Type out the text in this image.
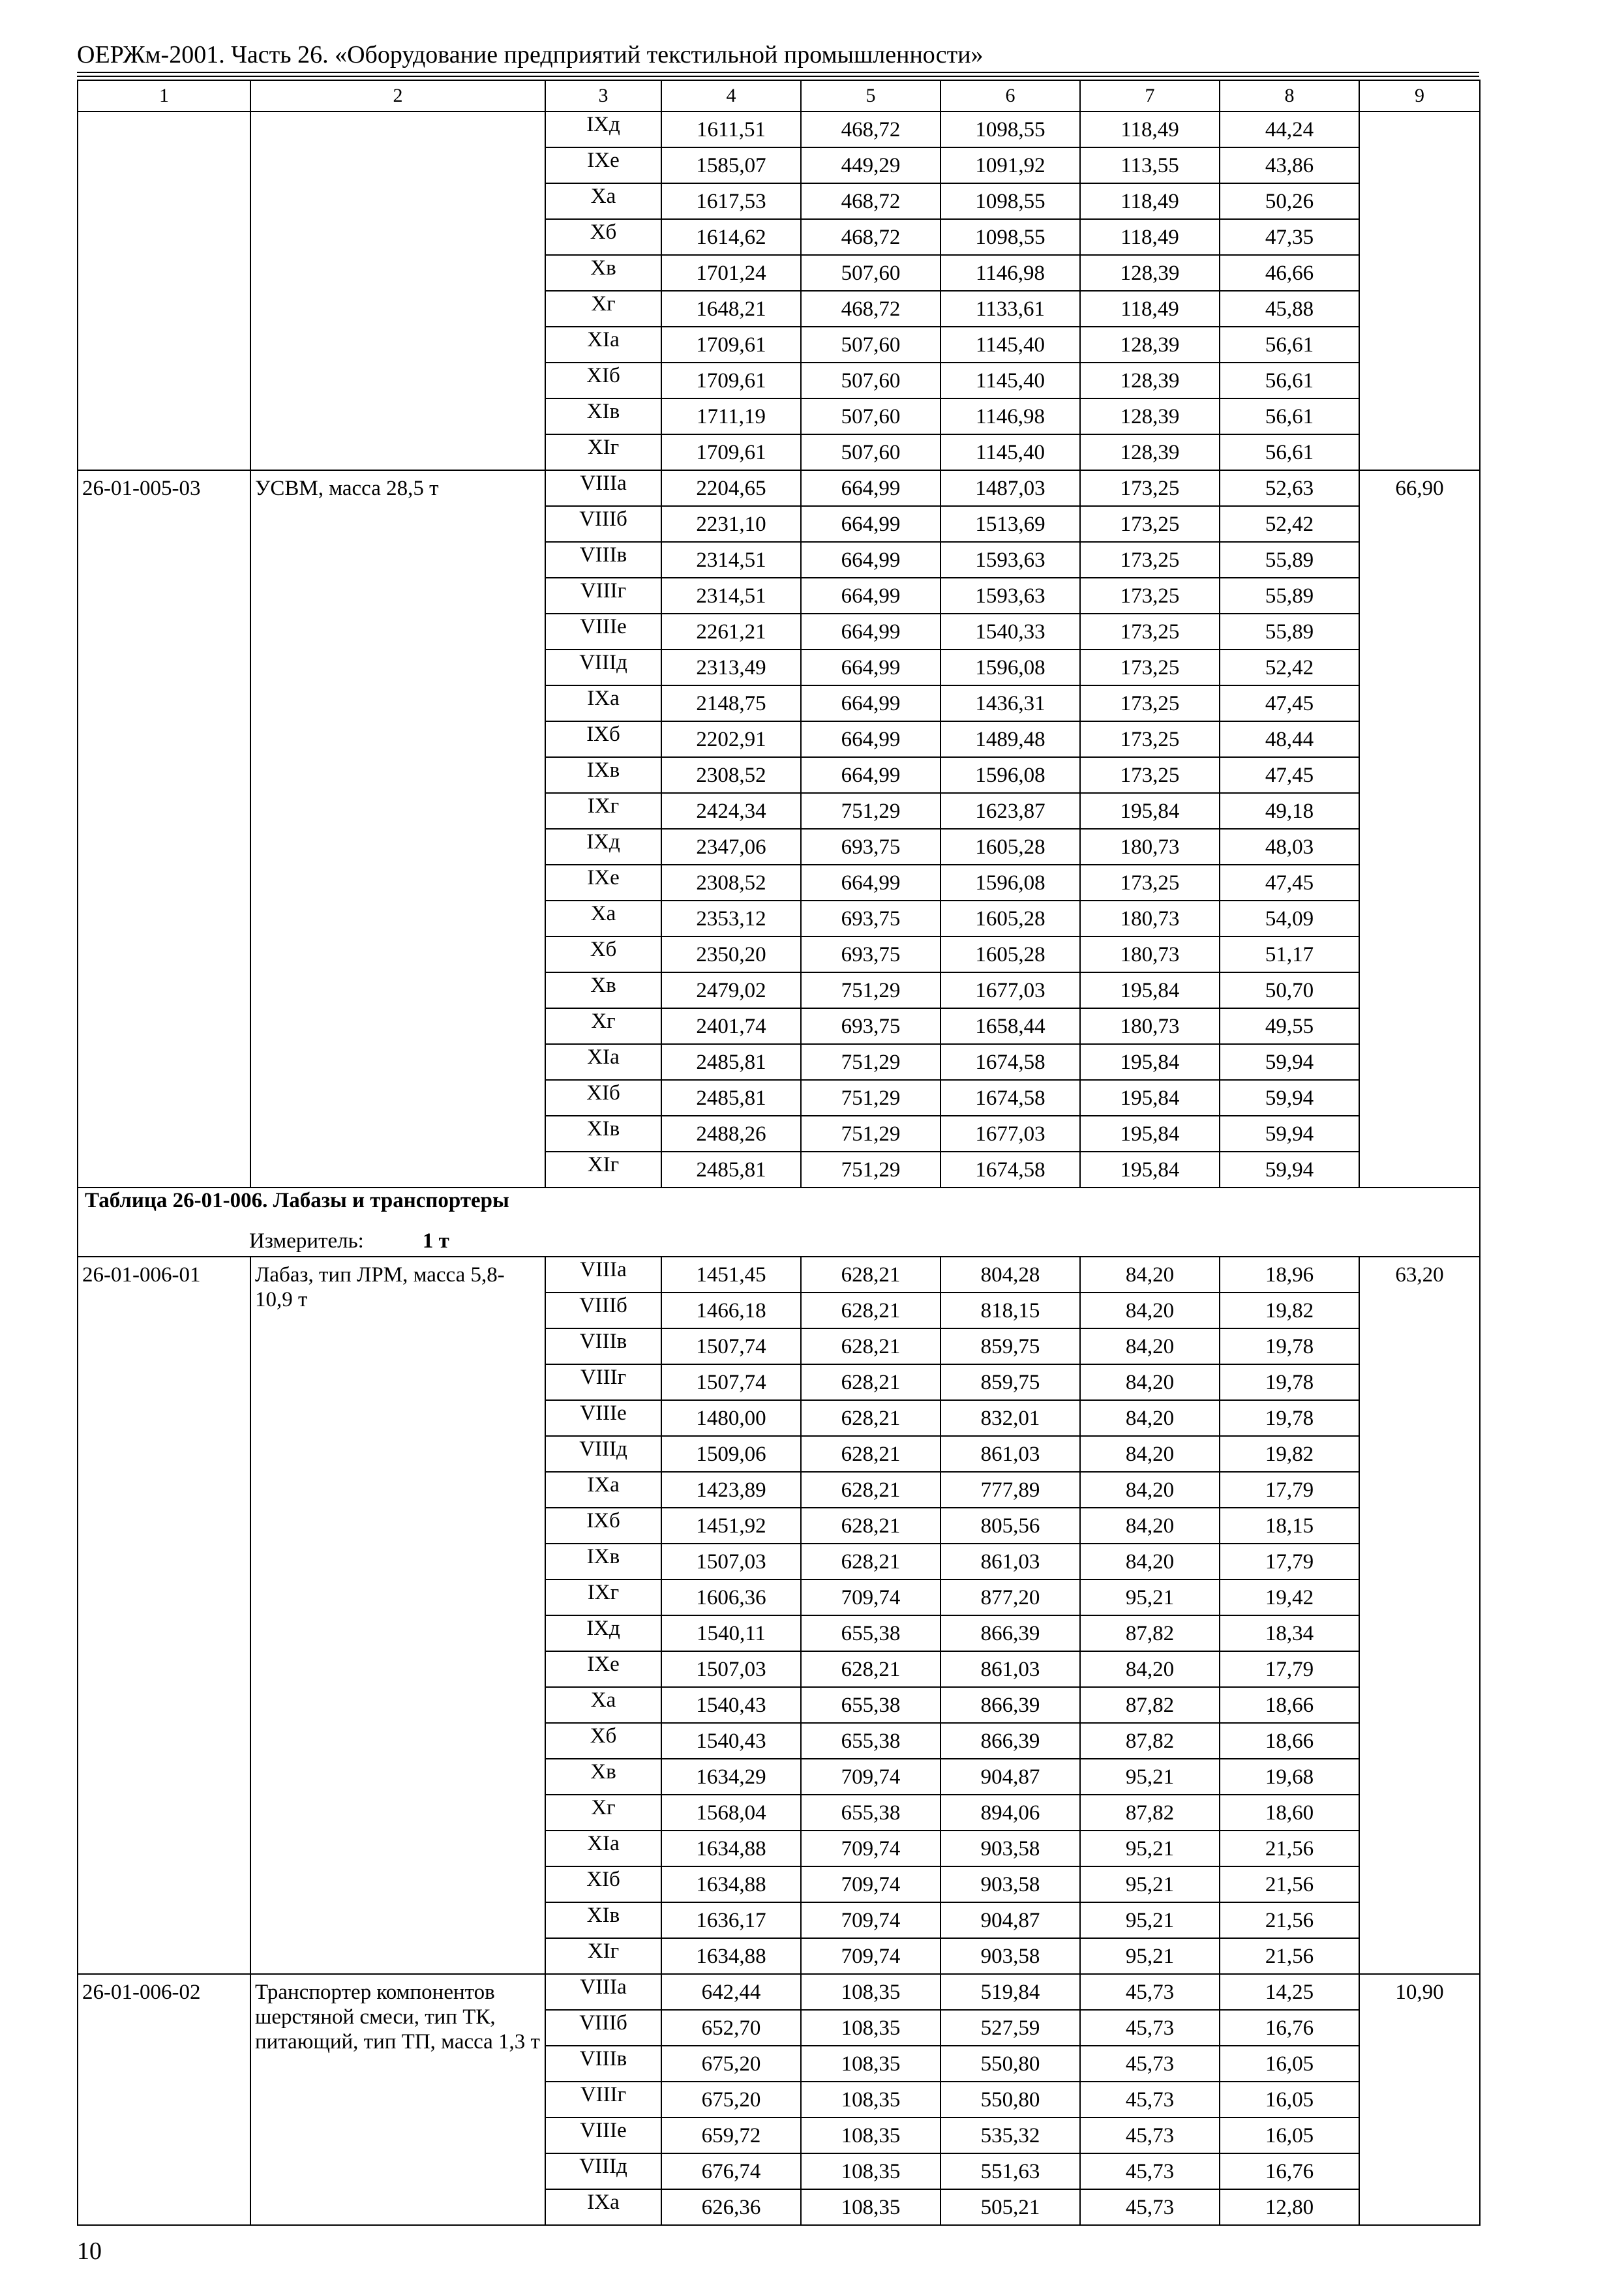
ОЕРЖм-2001. Часть 26. «Оборудование предприятий текстильной промышленности»
1	2	3	4	5	6	7	8	9
		IXд	1611,51	468,72	1098,55	118,49	44,24	
		IXе	1585,07	449,29	1091,92	113,55	43,86	
		Xа	1617,53	468,72	1098,55	118,49	50,26	
		Xб	1614,62	468,72	1098,55	118,49	47,35	
		Xв	1701,24	507,60	1146,98	128,39	46,66	
		Xг	1648,21	468,72	1133,61	118,49	45,88	
		XIа	1709,61	507,60	1145,40	128,39	56,61	
		XIб	1709,61	507,60	1145,40	128,39	56,61	
		XIв	1711,19	507,60	1146,98	128,39	56,61	
		XIг	1709,61	507,60	1145,40	128,39	56,61	
26-01-005-03	УСВМ, масса 28,5 т	VIIIа	2204,65	664,99	1487,03	173,25	52,63	66,90
		VIIIб	2231,10	664,99	1513,69	173,25	52,42	
		VIIIв	2314,51	664,99	1593,63	173,25	55,89	
		VIIIг	2314,51	664,99	1593,63	173,25	55,89	
		VIIIе	2261,21	664,99	1540,33	173,25	55,89	
		VIIIд	2313,49	664,99	1596,08	173,25	52,42	
		IXа	2148,75	664,99	1436,31	173,25	47,45	
		IXб	2202,91	664,99	1489,48	173,25	48,44	
		IXв	2308,52	664,99	1596,08	173,25	47,45	
		IXг	2424,34	751,29	1623,87	195,84	49,18	
		IXд	2347,06	693,75	1605,28	180,73	48,03	
		IXе	2308,52	664,99	1596,08	173,25	47,45	
		Xа	2353,12	693,75	1605,28	180,73	54,09	
		Xб	2350,20	693,75	1605,28	180,73	51,17	
		Xв	2479,02	751,29	1677,03	195,84	50,70	
		Xг	2401,74	693,75	1658,44	180,73	49,55	
		XIа	2485,81	751,29	1674,58	195,84	59,94	
		XIб	2485,81	751,29	1674,58	195,84	59,94	
		XIв	2488,26	751,29	1677,03	195,84	59,94	
		XIг	2485,81	751,29	1674,58	195,84	59,94	
Таблица 26-01-006. Лабазы и транспортеры								
Измеритель: 1 т								
26-01-006-01	Лабаз, тип ЛРМ, масса 5,8-10,9 т	VIIIа	1451,45	628,21	804,28	84,20	18,96	63,20
		VIIIб	1466,18	628,21	818,15	84,20	19,82	
		VIIIв	1507,74	628,21	859,75	84,20	19,78	
		VIIIг	1507,74	628,21	859,75	84,20	19,78	
		VIIIе	1480,00	628,21	832,01	84,20	19,78	
		VIIIд	1509,06	628,21	861,03	84,20	19,82	
		IXа	1423,89	628,21	777,89	84,20	17,79	
		IXб	1451,92	628,21	805,56	84,20	18,15	
		IXв	1507,03	628,21	861,03	84,20	17,79	
		IXг	1606,36	709,74	877,20	95,21	19,42	
		IXд	1540,11	655,38	866,39	87,82	18,34	
		IXе	1507,03	628,21	861,03	84,20	17,79	
		Xа	1540,43	655,38	866,39	87,82	18,66	
		Xб	1540,43	655,38	866,39	87,82	18,66	
		Xв	1634,29	709,74	904,87	95,21	19,68	
		Xг	1568,04	655,38	894,06	87,82	18,60	
		XIа	1634,88	709,74	903,58	95,21	21,56	
		XIб	1634,88	709,74	903,58	95,21	21,56	
		XIв	1636,17	709,74	904,87	95,21	21,56	
		XIг	1634,88	709,74	903,58	95,21	21,56	
26-01-006-02	Транспортер компонентов шерстяной смеси, тип ТК, питающий, тип ТП, масса 1,3 т	VIIIа	642,44	108,35	519,84	45,73	14,25	10,90
		VIIIб	652,70	108,35	527,59	45,73	16,76	
		VIIIв	675,20	108,35	550,80	45,73	16,05	
		VIIIг	675,20	108,35	550,80	45,73	16,05	
		VIIIе	659,72	108,35	535,32	45,73	16,05	
		VIIIд	676,74	108,35	551,63	45,73	16,76	
		IXа	626,36	108,35	505,21	45,73	12,80	
10
